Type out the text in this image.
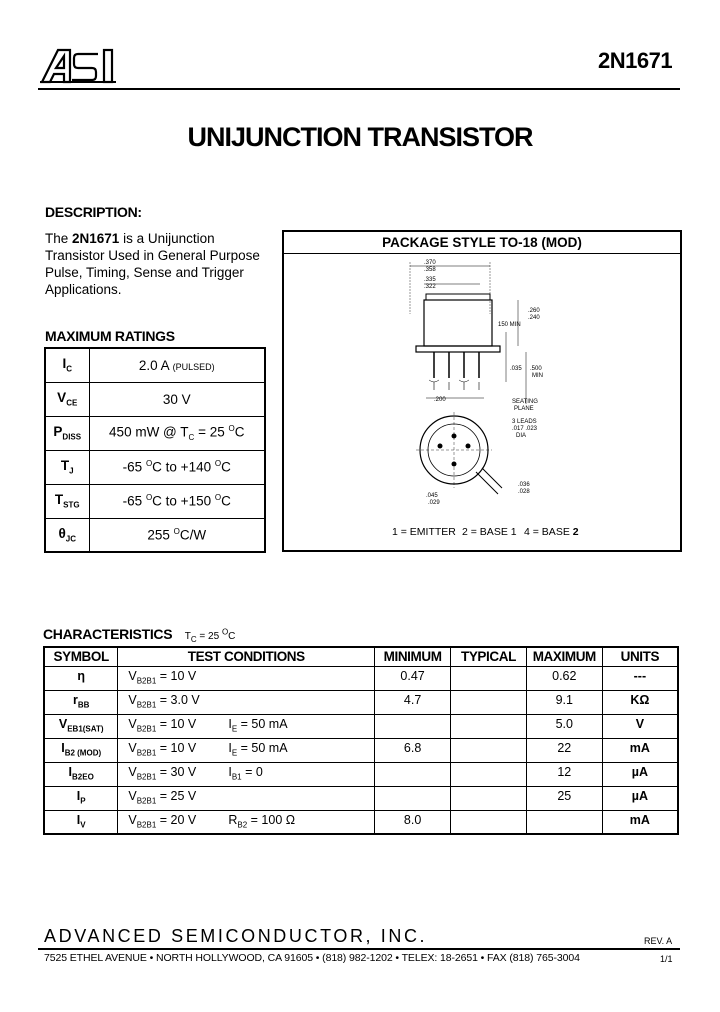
2N1671
UNIJUNCTION TRANSISTOR
DESCRIPTION:
The 2N1671 is a Unijunction Transistor Used in General Purpose Pulse, Timing, Sense and Trigger Applications.
PACKAGE STYLE TO-18 (MOD)
.370
.358
.335
.322
.200
.260
.240
150 MIN
.035 .500
MIN
SEATING
PLANE
3 LEADS
.017 .023
DIA
.045
.029
.036
.028
1 = EMITTER 2 = BASE 1 4 = BASE 2
MAXIMUM RATINGS
$I_C$	2.0 A (PULSED)
$V_{CE}$	30 V
$P_{DISS}$	450 mW @ $T_C = 25$ $^O$C
$T_J$	-65 $^O$C to +140 $^O$C
$T_{STG}$	-65 $^O$C to +150 $^O$C
$\theta_{JC}$	255 $^O$C/W
CHARACTERISTICS $T_C = 25$ $^O$C
SYMBOL	TEST CONDITIONS	MINIMUM	TYPICAL	MAXIMUM	UNITS
η	$V_{B2B1} = 10$ V	0.47		0.62	---
$r_{BB}$	$V_{B2B1} = 3.0$ V	4.7		9.1	KΩ
$V_{EB1(SAT)}$	$V_{B2B1} = 10$ V $I_E = 50$ mA			5.0	V
$I_{B2 (MOD)}$	$V_{B2B1} = 10$ V $I_E = 50$ mA	6.8		22	mA
$I_{B2EO}$	$V_{B2B1} = 30$ V $I_{B1} = 0$			12	µA
$I_P$	$V_{B2B1} = 25$ V			25	µA
$I_V$	$V_{B2B1} = 20$ V $R_{B2} = 100$ Ω	8.0			mA
ADVANCED SEMICONDUCTOR, INC.	REV. A
7525 ETHEL AVENUE • NORTH HOLLYWOOD, CA 91605 • (818) 982-1202 • TELEX: 18-2651 • FAX (818) 765-3004	1/1
